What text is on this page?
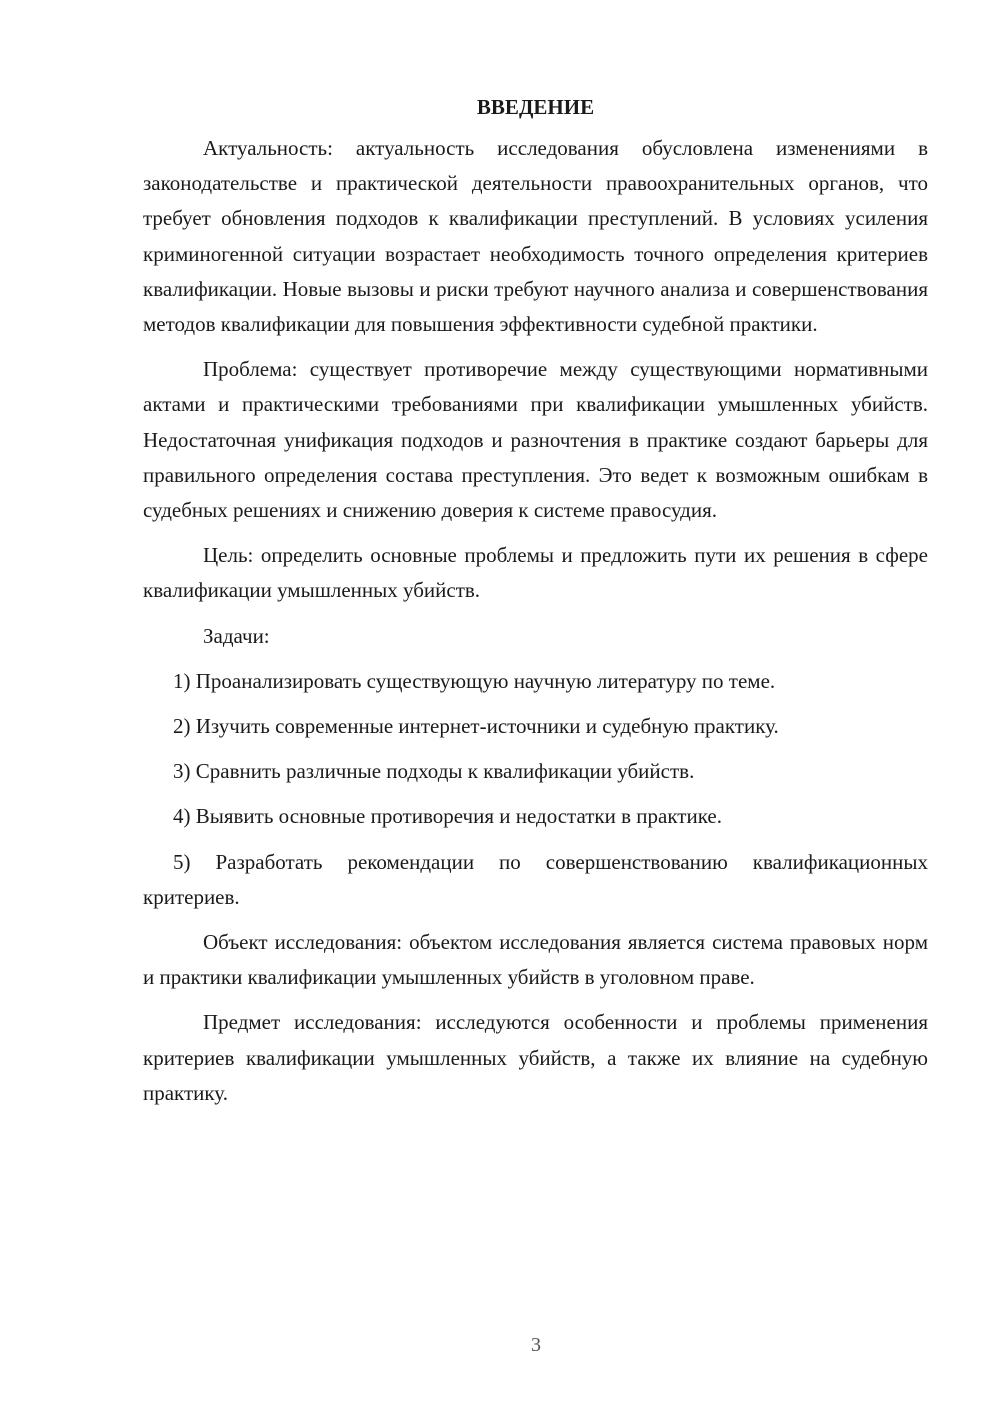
ВВЕДЕНИЕ

Актуальность: актуальность исследования обусловлена изменениями в законодательстве и практической деятельности правоохранительных органов, что требует обновления подходов к квалификации преступлений. В условиях усиления криминогенной ситуации возрастает необходимость точного определения критериев квалификации. Новые вызовы и риски требуют научного анализа и совершенствования методов квалификации для повышения эффективности судебной практики.

Проблема: существует противоречие между существующими нормативными актами и практическими требованиями при квалификации умышленных убийств. Недостаточная унификация подходов и разночтения в практике создают барьеры для правильного определения состава преступления. Это ведет к возможным ошибкам в судебных решениях и снижению доверия к системе правосудия.

Цель: определить основные проблемы и предложить пути их решения в сфере квалификации умышленных убийств.

Задачи:

1) Проанализировать существующую научную литературу по теме.

2) Изучить современные интернет-источники и судебную практику.

3) Сравнить различные подходы к квалификации убийств.

4) Выявить основные противоречия и недостатки в практике.

5) Разработать рекомендации по совершенствованию квалификационных критериев.

Объект исследования: объектом исследования является система правовых норм и практики квалификации умышленных убийств в уголовном праве.

Предмет исследования: исследуются особенности и проблемы применения критериев квалификации умышленных убийств, а также их влияние на судебную практику.

3
